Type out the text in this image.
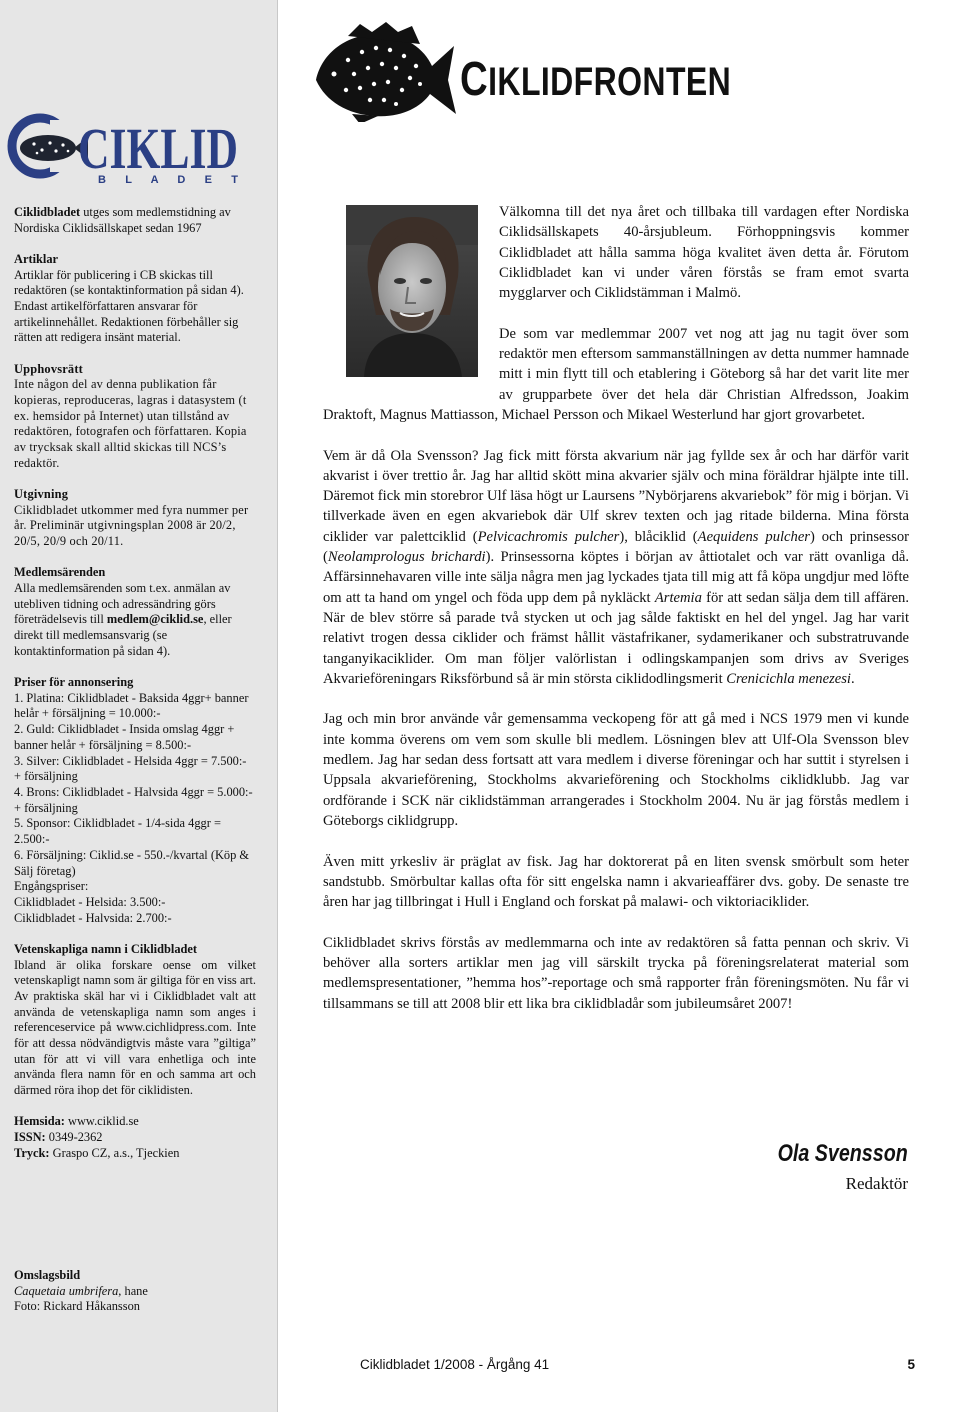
CIKLID
B L A D E T
Ciklidbladet utges som medlemstidning av Nordiska Ciklidsällskapet sedan 1967
Artiklar
Artiklar för publicering i CB skickas till redaktören (se kontaktinformation på sidan 4). Endast artikelförfattaren ansvarar för artikelinnehållet. Redaktionen förbehåller sig rätten att redigera insänt material.
Upphovsrätt
Inte någon del av denna publikation får kopieras, reproduceras, lagras i datasystem (t ex. hemsidor på Internet) utan tillstånd av redaktören, fotografen och författaren. Kopia av trycksak skall alltid skickas till NCS’s redaktör.
Utgivning
Ciklidbladet utkommer med fyra nummer per år. Preliminär utgivningsplan 2008 är 20/2, 20/5, 20/9 och 20/11.
Medlemsärenden
Alla medlemsärenden som t.ex. anmälan av utebliven tidning och adressändring görs företrädelsevis till medlem@ciklid.se, eller direkt till medlemsansvarig (se kontaktinformation på sidan 4).
Priser för annonsering
1. Platina: Ciklidbladet - Baksida 4ggr+ banner helår + försäljning = 10.000:-
2. Guld: Ciklidbladet - Insida omslag 4ggr + banner helår + försäljning = 8.500:-
3. Silver: Ciklidbladet - Helsida 4ggr = 7.500:- + försäljning
4. Brons: Ciklidbladet - Halvsida 4ggr = 5.000:- + försäljning
5. Sponsor: Ciklidbladet - 1/4-sida 4ggr = 2.500:-
6. Försäljning: Ciklid.se - 550.-/kvartal (Köp & Sälj företag)
Engångspriser:
Ciklidbladet - Helsida: 3.500:-
Ciklidbladet - Halvsida: 2.700:-
Vetenskapliga namn i Ciklidbladet
Ibland är olika forskare oense om vilket vetenskapligt namn som är giltiga för en viss art. Av praktiska skäl har vi i Ciklidbladet valt att använda de vetenskapliga namn som anges i referenceservice på www.cichlidpress.com. Inte för att dessa nödvändigtvis måste vara ”giltiga” utan för att vi vill vara enhetliga och inte använda flera namn för en och samma art och därmed röra ihop det för ciklidisten.
Hemsida: www.ciklid.se
ISSN: 0349-2362
Tryck: Graspo CZ, a.s., Tjeckien
Omslagsbild
Caquetaia umbrifera, hane
Foto: Rickard Håkansson
CIKLIDFRONTEN

Välkomna till det nya året och tillbaka till vardagen efter Nordiska Ciklidsällskapets 40-årsjubleum. Förhoppningsvis kommer Ciklidbladet att hålla samma höga kvalitet även detta år. Förutom Ciklidbladet kan vi under våren förstås se fram emot svarta mygglarver och Ciklidstämman i Malmö.

De som var medlemmar 2007 vet nog att jag nu tagit över som redaktör men eftersom sammanställningen av detta nummer hamnade mitt i min flytt till och etablering i Göteborg så har det varit lite mer av grupparbete över det hela där Christian Alfredsson, Joakim Draktoft, Magnus Mattiasson, Michael Persson och Mikael Westerlund har gjort grovarbetet.

Vem är då Ola Svensson? Jag fick mitt första akvarium när jag fyllde sex år och har därför varit akvarist i över trettio år. Jag har alltid skött mina akvarier själv och mina föräldrar hjälpte inte till. Däremot fick min storebror Ulf läsa högt ur Laursens ”Nybörjarens akvariebok” för mig i början. Vi tillverkade även en egen akvariebok där Ulf skrev texten och jag ritade bilderna. Mina första ciklider var palettciklid (Pelvicachromis pulcher), blåciklid (Aequidens pulcher) och prinsessor (Neolamprologus brichardi). Prinsessorna köptes i början av åttiotalet och var rätt ovanliga då. Affärsinnehavaren ville inte sälja några men jag lyckades tjata till mig att få köpa ungdjur med löfte om att ta hand om yngel och föda upp dem på nykläckt Artemia för att sedan sälja dem till affären. När de blev större så parade två stycken ut och jag sålde faktiskt en hel del yngel. Jag har varit relativt trogen dessa ciklider och främst hållit västafrikaner, sydamerikaner och substratruvande tanganyikaciklider. Om man följer valörlistan i odlingskampanjen som drivs av Sveriges Akvarieföreningars Riksförbund så är min största ciklidodlingsmerit Crenicichla menezesi.

Jag och min bror använde vår gemensamma veckopeng för att gå med i NCS 1979 men vi kunde inte komma överens om vem som skulle bli medlem. Lösningen blev att Ulf-Ola Svensson blev medlem. Jag har sedan dess fortsatt att vara medlem i diverse föreningar och har suttit i styrelsen i Uppsala akvarieförening, Stockholms akvarieförening och Stockholms ciklidklubb. Jag var ordförande i SCK när ciklidstämman arrangerades i Stockholm 2004. Nu är jag förstås medlem i Göteborgs ciklidgrupp.

Även mitt yrkesliv är präglat av fisk. Jag har doktorerat på en liten svensk smörbult som heter sandstubb. Smörbultar kallas ofta för sitt engelska namn i akvarieaffärer dvs. goby. De senaste tre åren har jag tillbringat i Hull i England och forskat på malawi- och viktoriaciklider.

Ciklidbladet skrivs förstås av medlemmarna och inte av redaktören så fatta pennan och skriv. Vi behöver alla sorters artiklar men jag vill särskilt trycka på föreningsrelaterat material som medlemspresentationer, ”hemma hos”-reportage och små rapporter från föreningsmöten. Nu får vi tillsammans se till att 2008 blir ett lika bra ciklidbladår som jubileumsåret 2007!

Ola Svensson
Redaktör
Ciklidbladet 1/2008 - Årgång 41	5
